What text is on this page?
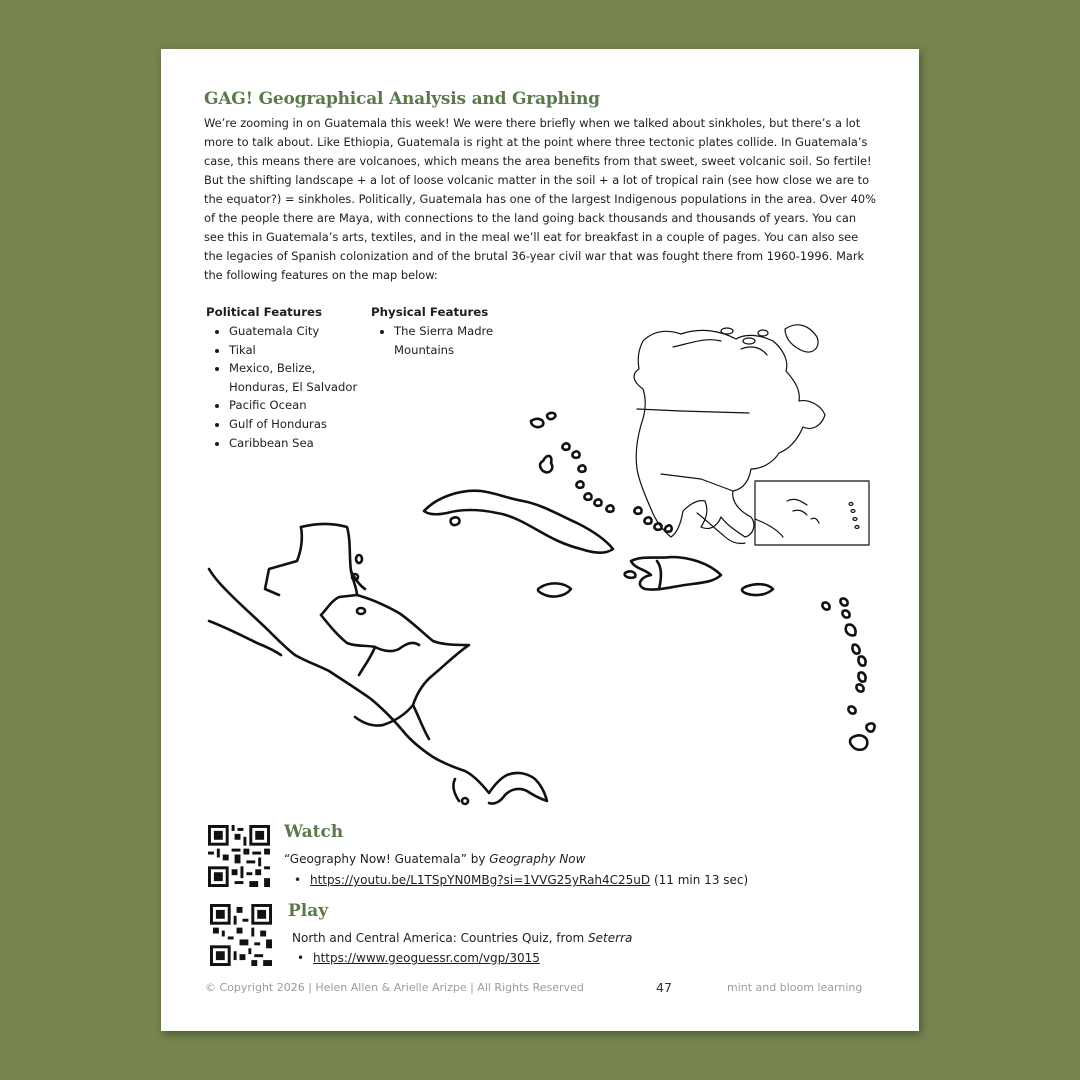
GAG! Geographical Analysis and Graphing

We’re zooming in on Guatemala this week! We were there briefly when we talked about sinkholes, but there’s a lot more to talk about. Like Ethiopia, Guatemala is right at the point where three tectonic plates collide. In Guatemala’s case, this means there are volcanoes, which means the area benefits from that sweet, sweet volcanic soil. So fertile! But the shifting landscape + a lot of loose volcanic matter in the soil + a lot of tropical rain (see how close we are to the equator?) = sinkholes. Politically, Guatemala has one of the largest Indigenous populations in the area. Over 40% of the people there are Maya, with connections to the land going back thousands and thousands of years. You can see this in Guatemala’s arts, textiles, and in the meal we’ll eat for breakfast in a couple of pages. You can also see the legacies of Spanish colonization and of the brutal 36-year civil war that was fought there from 1960-1996. Mark the following features on the map below:

Political Features
• Guatemala City
• Tikal
• Mexico, Belize, Honduras, El Salvador
• Pacific Ocean
• Gulf of Honduras
• Caribbean Sea
Physical Features
• The Sierra Madre Mountains
Watch

“Geography Now! Guatemala” by Geography Now

• https://youtu.be/L1TSpYN0MBg?si=1VVG25yRah4C25uD (11 min 13 sec)
Play

North and Central America: Countries Quiz, from Seterra

• https://www.geoguessr.com/vgp/3015

© Copyright 2026 | Helen Allen & Arielle Arizpe | All Rights Reserved	47	mint and bloom learning
